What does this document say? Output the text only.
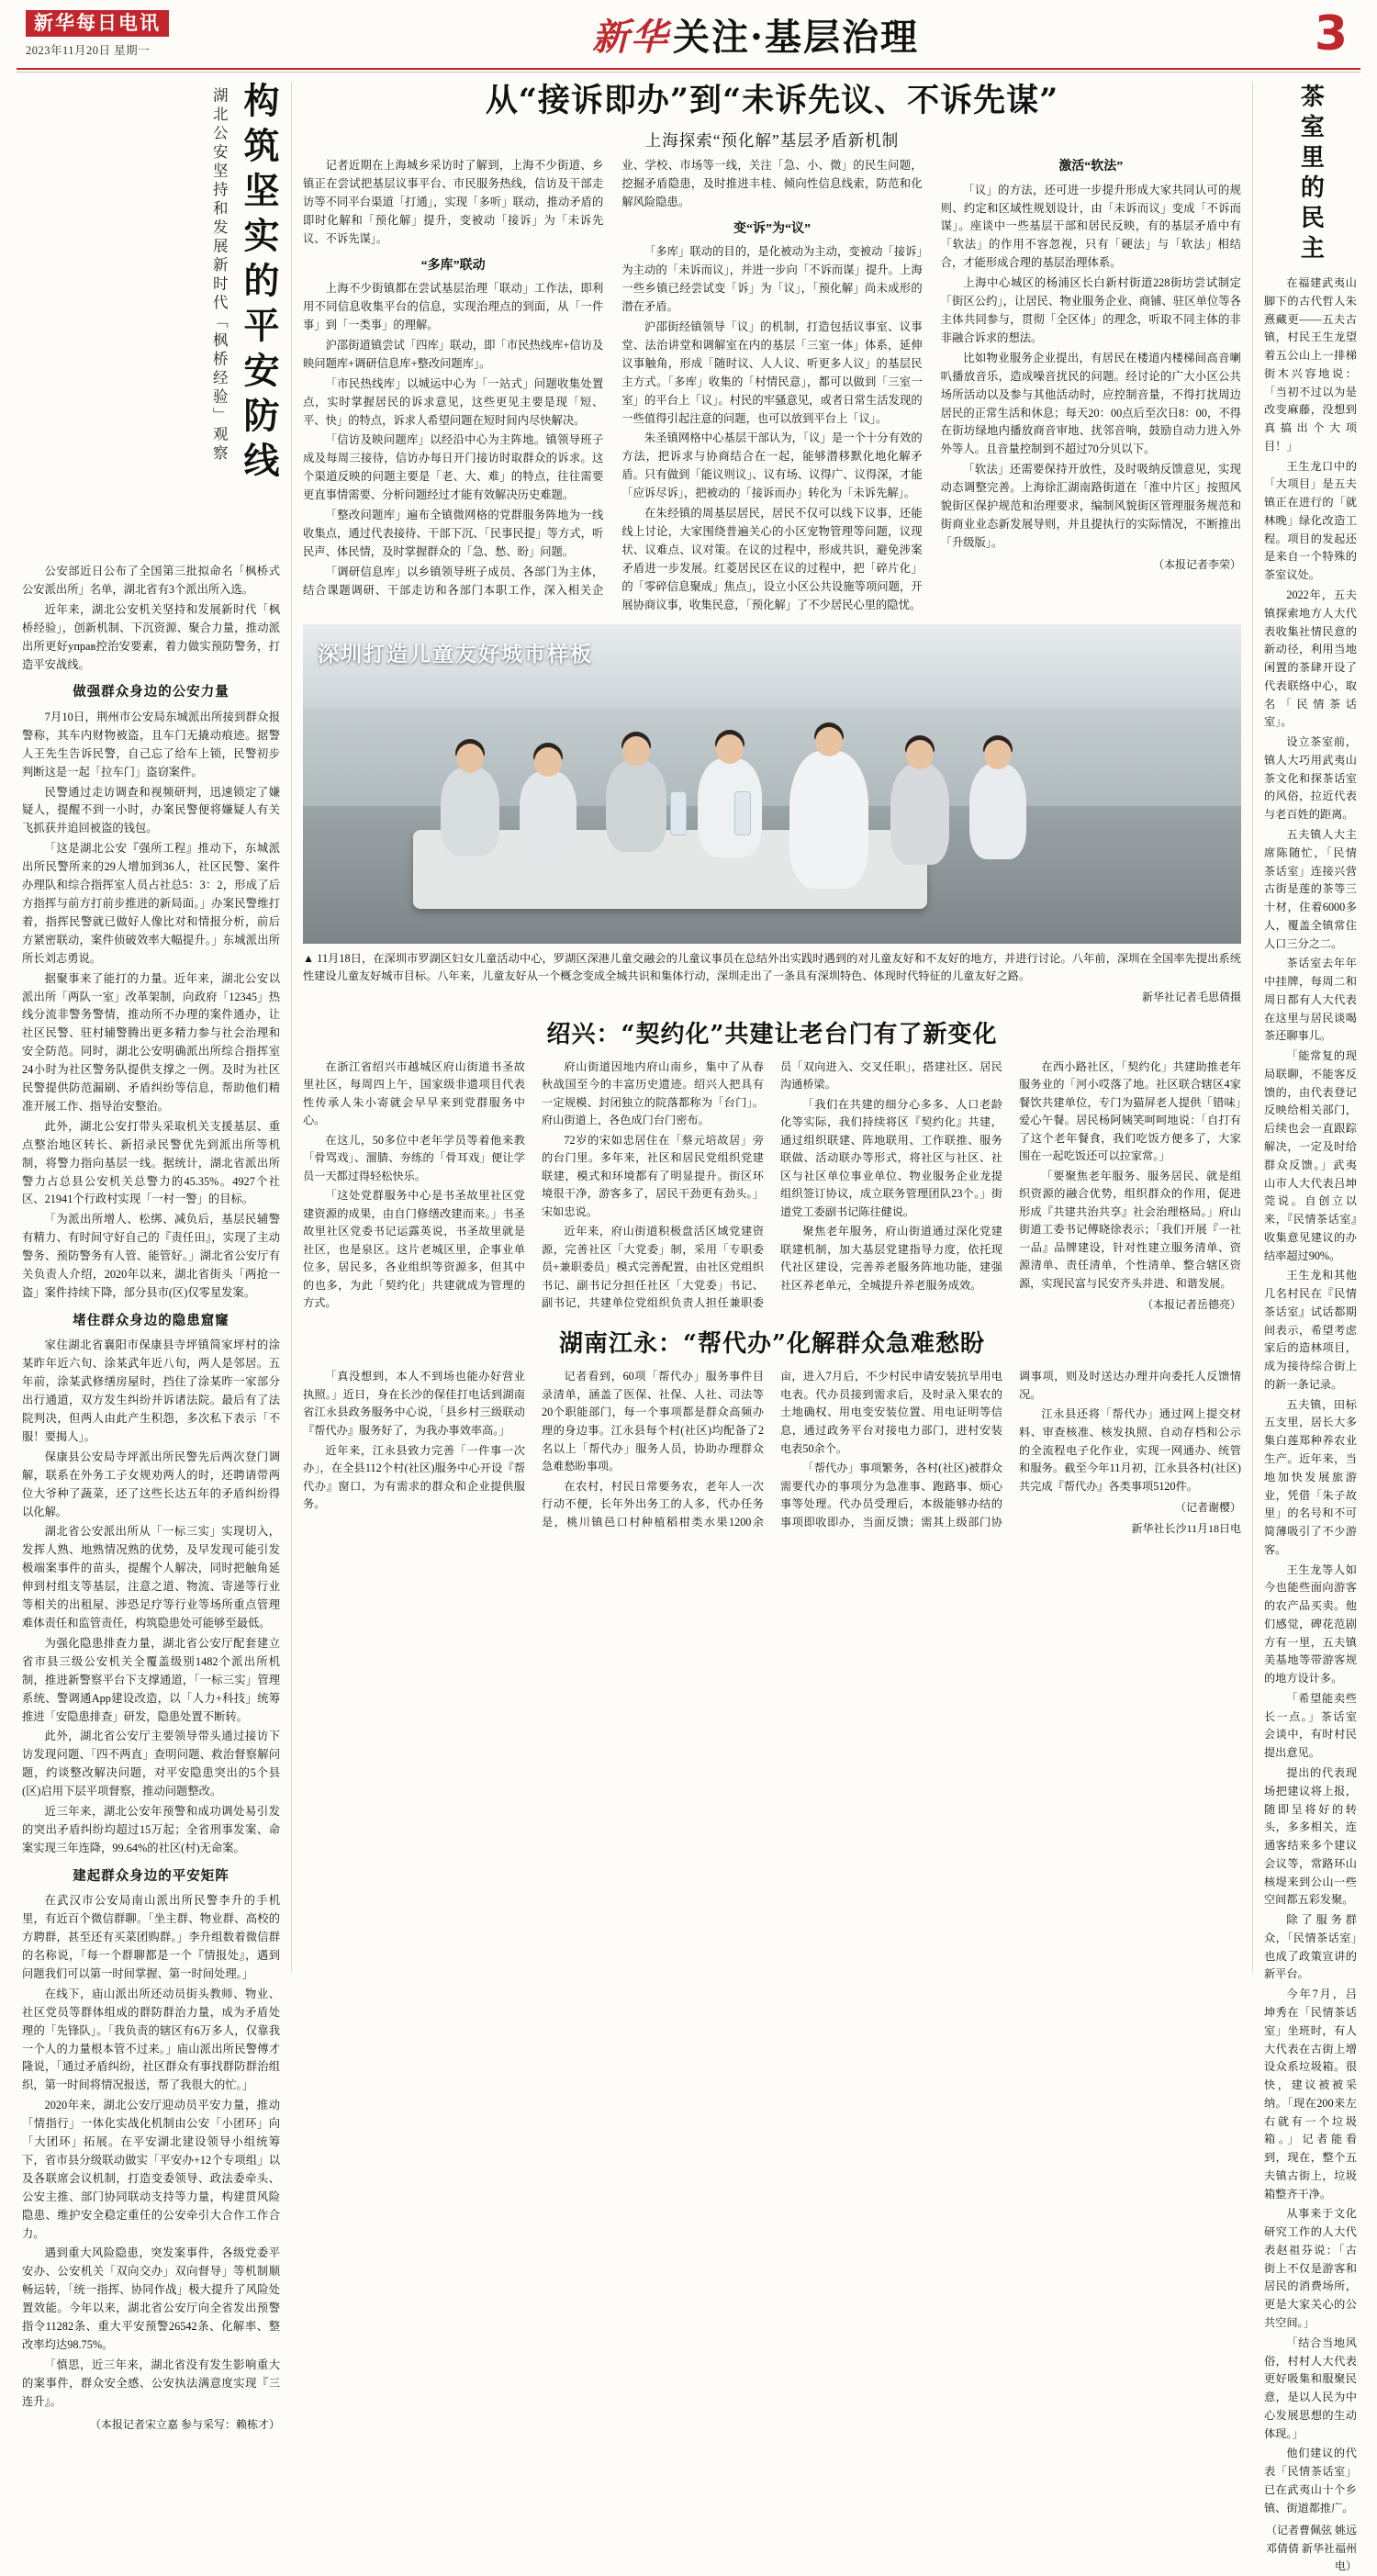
新华每日电讯
2023年11月20日 星期一	新华 关注·基层治理	3
构筑坚实的平安防线
湖北公安坚持和发展新时代「枫桥经验」观察

公安部近日公布了全国第三批拟命名「枫桥式公安派出所」名单，湖北省有3个派出所入选。

近年来，湖北公安机关坚持和发展新时代「枫桥经验」，创新机制、下沉资源、聚合力量，推动派出所更好управ控治安要素，着力做实预防警务，打造平安战线。

做强群众身边的公安力量

7月10日，荆州市公安局东城派出所接到群众报警称，其车内财物被盗，且车门无撬动痕迹。据警人王先生告诉民警，自己忘了给车上锁，民警初步判断这是一起「拉车门」盗窃案件。

民警通过走访调查和视频研判，迅速锁定了嫌疑人，提醒不到一小时，办案民警便将嫌疑人有关飞抓获并追回被盗的钱包。

「这是湖北公安『强所工程』推动下，东城派出所民警所来的29人增加到36人，社区民警、案件办理队和综合指挥室人员占社总5：3：2，形成了后方指挥与前方打前步推进的新局面。」办案民警维打着，指挥民警就已做好人像比对和情报分析，前后方紧密联动，案件侦破效率大幅提升。」东城派出所所长刘志勇说。

据聚事来了能打的力量。近年来，湖北公安以派出所「两队一室」改革架制，向政府「12345」热线分流非警务警情，推动所不办理的案件通办，让社区民警、驻村辅警腾出更多精力参与社会治理和安全防范。同时，湖北公安明确派出所综合指挥室24小时为社区警务队提供支撑之一例。及时为社区民警提供防范漏刷、矛盾纠纷等信息，帮助他们精准开展工作、指导治安整治。

此外，湖北公安打带头采取机关支援基层、重点整治地区转长、新招录民警优先到派出所等机制，将警力指向基层一线。据统计，湖北省派出所警力占总县公安机关总警力的45.35%。4927个社区、21941个行政村实现「一村一警」的目标。

「为派出所增人、松绑、减负后，基层民辅警有精力、有时间守好自己的『责任田』，实现了主动警务、预防警务有人管、能管好。」湖北省公安厅有关负责人介绍，2020年以来，湖北省街头「两抢一盗」案件持续下降，部分县市(区)仅零星发案。

堵住群众身边的隐患窟窿

家住湖北省襄阳市保康县寺坪镇简家坪村的涂某昨年近六旬、涂某武年近八旬，两人是邻居。五年前，涂某武修缮房屋时，挡住了涂某昨一家部分出行通道，双方发生纠纷并诉诸法院。最后有了法院判决，但两人由此产生积怨，多次私下表示「不服！要揭人」。

保康县公安局寺坪派出所民警先后两次登门调解，联系在外务工子女规劝两人的时，还聘请带两位大爷种了蔬菜，还了这些长达五年的矛盾纠纷得以化解。

湖北省公安派出所从「一标三实」实现切入，发挥人熟、地熟情况熟的优势，及早发现可能引发极端案事件的苗头，提醒个人解决，同时把触角延伸到村组支等基层，注意之道、物流、寄递等行业等相关的出租屋、涉恐足疗等行业等场所重点管理难体责任和监管责任，构筑隐患处可能够至最低。

为强化隐患排查力量，湖北省公安厅配套建立省市县三级公安机关全覆盖级别1482个派出所机制，推进新警察平台下支撑通道，「一标三实」管理系统、警调通App建设改造，以「人力+科技」统筹推进「安隐患排查」研发，隐患处置不断转。

此外，湖北省公安厅主要领导带头通过接访下访发现问题、「四不两直」查明问题、救治督察解问题，约谈整改解决问题，对平安隐患突出的5个县(区)启用下层平项督察，推动问题整改。

近三年来，湖北公安年预警和成功调处易引发的突出矛盾纠纷均超过15万起；全省刑事发案、命案实现三年连降，99.64%的社区(村)无命案。

建起群众身边的平安矩阵

在武汉市公安局南山派出所民警李升的手机里，有近百个微信群聊。「坐主群、物业群、高校的方聘群，甚至还有买菜团购群。」李升组数着微信群的名称说，「每一个群聊都是一个『情报处』，遇到问题我们可以第一时间掌握、第一时间处理。」

在线下，庙山派出所还动员街头教师、物业、社区党员等群体组成的群防群治力量，成为矛盾处理的「先锋队」。「我负责的辖区有6万多人，仅靠我一个人的力量根本管不过来。」庙山派出所民警傅才隆说，「通过矛盾纠纷，社区群众有事找群防群治组织，第一时间将情况报送，帮了我很大的忙。」

2020年来，湖北公安厅迎动员平安力量，推动「情指行」一体化实战化机制由公安「小团环」向「大团环」拓展。在平安湖北建设领导小组统筹下，省市县分级联动做实「平安办+12个专项组」以及各联席会议机制，打造变委领导、政法委牵头、公安主推、部门协同联动支持等力量，构建贯风险隐患、维护安全稳定重任的公安牵引大合作工作合力。

遇到重大风险隐患，突发案事件，各级党委平安办、公安机关「双向交办」双向督导」等机制顺畅运转，「统一指挥、协同作战」极大提升了风险处置效能。今年以来，湖北省公安厅向全省发出预警指令11282条、重大平安预警26542条、化解率、整改率均达98.75%。

「慎思，近三年来，湖北省没有发生影响重大的案事件，群众安全感、公安执法满意度实现『三连升』。

（本报记者宋立嘉 参与采写：赖栋才）
从“接诉即办”到“未诉先议、不诉先谋”
上海探索“预化解”基层矛盾新机制

记者近期在上海城乡采访时了解到，上海不少街道、乡镇正在尝试把基层议事平台、市民服务热线，信访及干部走访等不同平台渠道「打通」，实现「多听」联动，推动矛盾的即时化解和「预化解」提升，变被动「接诉」为「未诉先议、不诉先谋」。

“多库”联动

上海不少街镇都在尝试基层治理「联动」工作法，即利用不同信息收集平台的信息，实现治理点的到面，从「一件事」到「一类事」的理解。

沪邵街道镇尝试「四库」联动，即「市民热线库+信访及映问题库+调研信息库+整改问题库」。

「市民热线库」以城运中心为「一站式」问题收集处置点，实时掌握居民的诉求意见，这些更见主要是现「短、平、快」的特点，诉求人希望问题在短时间内尽快解决。

「信访及映问题库」以经沿中心为主阵地。镇领导班子成及每周三接待，信访办每日开门接访时取群众的诉求。这个渠道反映的问题主要是「老、大、难」的特点，往往需要更直事情需要、分析问题经过才能有效解决历史难题。

「整改问题库」遍布全镇微网格的党群服务阵地为一线收集点，通过代表接待、干部下沉、「民事民提」等方式，听民声、体民情，及时掌握群众的「急、愁、盼」问题。

「调研信息库」以乡镇领导班子成员、各部门为主体，结合课题调研、干部走访和各部门本职工作，深入相关企业、学校、市场等一线，关注「急、小、微」的民生问题，挖掘矛盾隐患，及时推进丰桂、倾向性信息线索，防范和化解风险隐患。

变“诉”为“议”

「多库」联动的目的，是化被动为主动，变被动「接诉」为主动的「未诉而议」，并进一步向「不诉而谋」提升。上海一些乡镇已经尝试变「诉」为「议」，「预化解」尚未成形的潜在矛盾。

沪邵街经镇领导「议」的机制，打造包括议事室、议事堂、法治讲堂和调解室在内的基层「三室一体」体系，延伸议事触角，形成「随时议、人人议、听更多人议」的基层民主方式。「多库」收集的「村情民意」，都可以做到「三室一室」的平台上「议」。村民的牢骚意见，或者日常生活发现的一些值得引起注意的问题，也可以放到平台上「议」。

朱圣镇网格中心基层干部认为，「议」是一个十分有效的方法，把诉求与协商结合在一起，能够潜移默化地化解矛盾。只有做到「能议则议」、议有场、议得广、议得深，才能「应诉尽诉」，把被动的「接诉而办」转化为「未诉先解」。

在朱经镇的周基层居民，居民不仅可以线下议事，还能线上讨论，大家围绕普遍关心的小区宠物管理等问题，议现状、议难点、议对策。在议的过程中，形成共识，避免涉案矛盾进一步发展。红菱居民区在议的过程中，把「碎片化」的「零碎信息聚成」焦点」，设立小区公共设施等项问题，开展协商议事，收集民意，「预化解」了不少居民心里的隐忧。

激活“软法”

「议」的方法，还可进一步提升形成大家共同认可的规则、约定和区域性规划设计，由「未诉而议」变成「不诉而谋」。座谈中一些基层干部和居民反映，有的基层矛盾中有「软法」的作用不容忽视，只有「硬法」与「软法」相结合，才能形成合理的基层治理体系。

上海中心城区的杨浦区长白新村街道228街坊尝试制定「街区公约」，让居民、物业服务企业、商铺、驻区单位等各主体共同参与，贯彻「全区体」的理念，听取不同主体的非非融合诉求的想法。

比如物业服务企业提出，有居民在楼道内楼梯间高音喇叭播放音乐，造成噪音扰民的问题。经讨论的广大小区公共场所活动以及参与其他活动时，应控制音量，不得打扰周边居民的正常生活和休息；每天20：00点后至次日8：00，不得在街坊绿地内播放商音审地、扰邻音响，鼓励自动力进入外外等人。且音量控制到不超过70分贝以下。

「软法」还需要保持开放性，及时吸纳反馈意见，实现动态调整完善。上海徐汇湖南路街道在「淮中片区」按照风貌街区保护规范和治理要求，编制风貌街区管理服务规范和街商业业态新发展导则，并且提执行的实际情况，不断推出「升级版」。

（本报记者李荣）
深圳打造儿童友好城市样板
▲ 11月18日，在深圳市罗湖区妇女儿童活动中心，罗湖区深港儿童交融会的儿童议事员在总结外出实践时遇到的对儿童友好和不友好的地方，并进行讨论。八年前，深圳在全国率先提出系统性建设儿童友好城市目标。八年来，儿童友好从一个概念变成全城共识和集体行动，深圳走出了一条具有深圳特色、体现时代特征的儿童友好之路。
新华社记者毛思倩摄
绍兴：“契约化”共建让老台门有了新变化

在浙江省绍兴市越城区府山街道书圣故里社区，每周四上午，国家级非遗项目代表性传承人朱小寄就会早早来到党群服务中心。

在这儿，50多位中老年学员等着他来教「骨骂戏」、溜腈、夯练的「骨耳戏」便让学员一天都过得轻松快乐。

「这处党群服务中心是书圣故里社区党建资源的成果，由自门修缮改建而来。」书圣故里社区党委书记运露英说，书圣故里就是社区，也是泉区。这片老城区里，企事业单位多，居民多，各业组织等资源多，但其中的也多，为此「契约化」共建就成为管理的方式。

府山街道因地内府山南乡，集中了从春秋战国至今的丰富历史遗迹。绍兴人把具有一定规模、封闭独立的院落都称为「台门」。府山街道上，各色成门台门密布。

72岁的宋如忠居住在「蔡元培故居」旁的台门里。多年来，社区和居民党组织党建联建，模式和环境都有了明显提升。街区环境很干净，游客多了，居民干劲更有劲头。」宋如忠说。

近年来，府山街道积极盘活区域党建资源，完善社区「大党委」制，采用「专职委员+兼职委员」模式完善配置，由社区党组织书记、副书记分担任社区「大党委」书记、副书记，共建单位党组织负责人担任兼职委员「双向进入、交叉任职」，搭建社区、居民沟通桥梁。

「我们在共建的细分心多多、人口老龄化等实际，我们持续将区『契约化』共建，通过组织联建、阵地联用、工作联推、服务联做、活动联办等形式，将社区与社区、社区与社区单位事业单位、物业服务企业龙提组织签订协议，成立联务管理团队23个。」街道党工委副书记陈往健说。

聚焦老年服务，府山街道通过深化党建联建机制，加大基层党建指导力度，依托现代社区建设，完善养老服务阵地功能，建强社区养老单元，全城提升养老服务成效。

在西小路社区，「契约化」共建助推老年服务业的「河小哎落了地。社区联合辖区4家餐饮共建单位，专门为猫屏老人提供「错味」爱心午餐。居民杨阿姨笑呵呵地说：「自打有了这个老年餐食，我们吃饭方便多了，大家围在一起吃饭还可以拉家常。」

「要聚焦老年服务、服务居民、就是组织资源的融合优势，组织群众的作用，促进形成『共建共治共享』社会治理格局。」府山街道工委书记傅晓徐表示；「我们开展『一社一品』品牌建设，针对性建立服务清单、资源清单、责任清单，个性清单、整合辖区资源，实现民富与民安齐头并进、和谐发展。

（本报记者岳德亮）
湖南江永：“帮代办”化解群众急难愁盼

「真没想到，本人不到场也能办好营业执照。」近日，身在长沙的保佳打电话到湖南省江永县政务服务中心说，「县乡村三级联动『帮代办』服务好了，为我办事效率高。」

近年来，江永县致力完善「一件事一次办」，在全县112个村(社区)服务中心开设『帮代办』窗口，为有需求的群众和企业提供服务。

记者看到，60项「帮代办」服务事件目录清单，涵盖了医保、社保、人社、司法等20个职能部门，每一个事项都是群众高频办理的身边事。江永县每个村(社区)均配备了2名以上「帮代办」服务人员，协助办理群众急难愁盼事项。

在农村，村民日常要务农，老年人一次行动不便，长年外出务工的人多，代办任务是，桃川镇邑口村种植稻柑类水果1200余亩，进入7月后，不少村民申请安装抗旱用电电表。代办员接到需求后，及时录入果农的土地确权、用电变安装位置、用电证明等信息，通过政务平台对接电力部门，进村安装电表50余个。

「帮代办」事项繁务，各村(社区)被群众需要代办的事项分为急准事、跑路事、烦心事等处理。代办员受理后，本级能够办结的事项即收即办，当面反馈；需其上级部门协调事项，则及时送达办理并向委托人反馈情况。

江永县还将「帮代办」通过网上提交材料、审查核准、核发执照、自动存档和公示的全流程电子化作业，实现一网通办、统管和服务。截至今年11月初，江永县各村(社区)共完成『帮代办』各类事项5120件。

（记者谢樱）
新华社长沙11月18日电
茶室里的民主

在福建武夷山脚下的古代哲人朱熹藏更——五夫古镇，村民王生龙望着五公山上一排梯街木兴容地说：「当初不过以为是改变麻藤，没想到真搞出个大项目！」

王生龙口中的「大项目」是五夫镇正在进行的「就林晚」绿化改造工程。项目的发起还是来自一个特殊的茶室议处。

2022年，五夫镇探索地方人大代表收集社情民意的新动径，利用当地闲置的茶肆开设了代表联络中心，取名「民情茶话室」。

设立茶室前，镇人大巧用武夷山茶文化和探茶话室的风俗，拉近代表与老百姓的距离。

五夫镇人大主席陈随忙，「民情茶话室」连接兴营古街是莲的茶等三十材，住着6000多人，覆盖全镇常住人口三分之二。

茶话室去年年中挂牌，每周二和周日都有人大代表在这里与居民谈喝茶还聊事儿。

「能常复的现局联聊，不能客反馈的，由代表登记反映给相关部门，后续也会一直跟踪解决，一定及时给群众反馈。」武夷山市人大代表吕坤莞说。自创立以来，『民情茶话室』收集意见建议的办结率超过90%。

王生龙和其他几名村民在『民情茶话室』试话都期间表示，希望考虑家后的造林项目，成为接待综合街上的新一条记录。

五夫镇，田标五支里，居长大多集白莲郑种养农业生产。近年来，当地加快发展旅游业，凭借「朱子故里」的名号和不可简薄吸引了不少游客。

王生龙等人如今也能些面向游客的农产品买卖。他们感觉，碑花范剧方有一里，五夫镇美基地等带游客规的地方设计多。

「希望能卖些长一点。」茶话室会谈中，有时村民提出意见。

提出的代表现场把建议将上报，随即呈将好的转头，多多相关，连通客结来多个建议会议等，常路环山核堤来到公山一些空间都五彩发聚。

除了服务群众，「民情茶话室」也成了政策宣讲的新平台。

今年7月，吕坤秀在「民情茶话室」坐班时，有人大代表在古街上增设众系垃圾箱。很快，建议被被采纳。「现在200来左右就有一个垃圾箱。」记者能看到，现在，整个五夫镇古街上，垃圾箱整齐干净。

从事来于文化研究工作的人大代表赵祖芬说：「古街上不仅是游客和居民的消费场所，更是大家关心的公共空间。」

「结合当地风俗，村村人大代表更好吸集和服聚民意，是以人民为中心发展思想的生动体现。」

他们建议的代表「民情茶话室」已在武夷山十个乡镇、街道都推广。

（记者曹佩弦 姚远 邓倩倩 新华社福州电）
